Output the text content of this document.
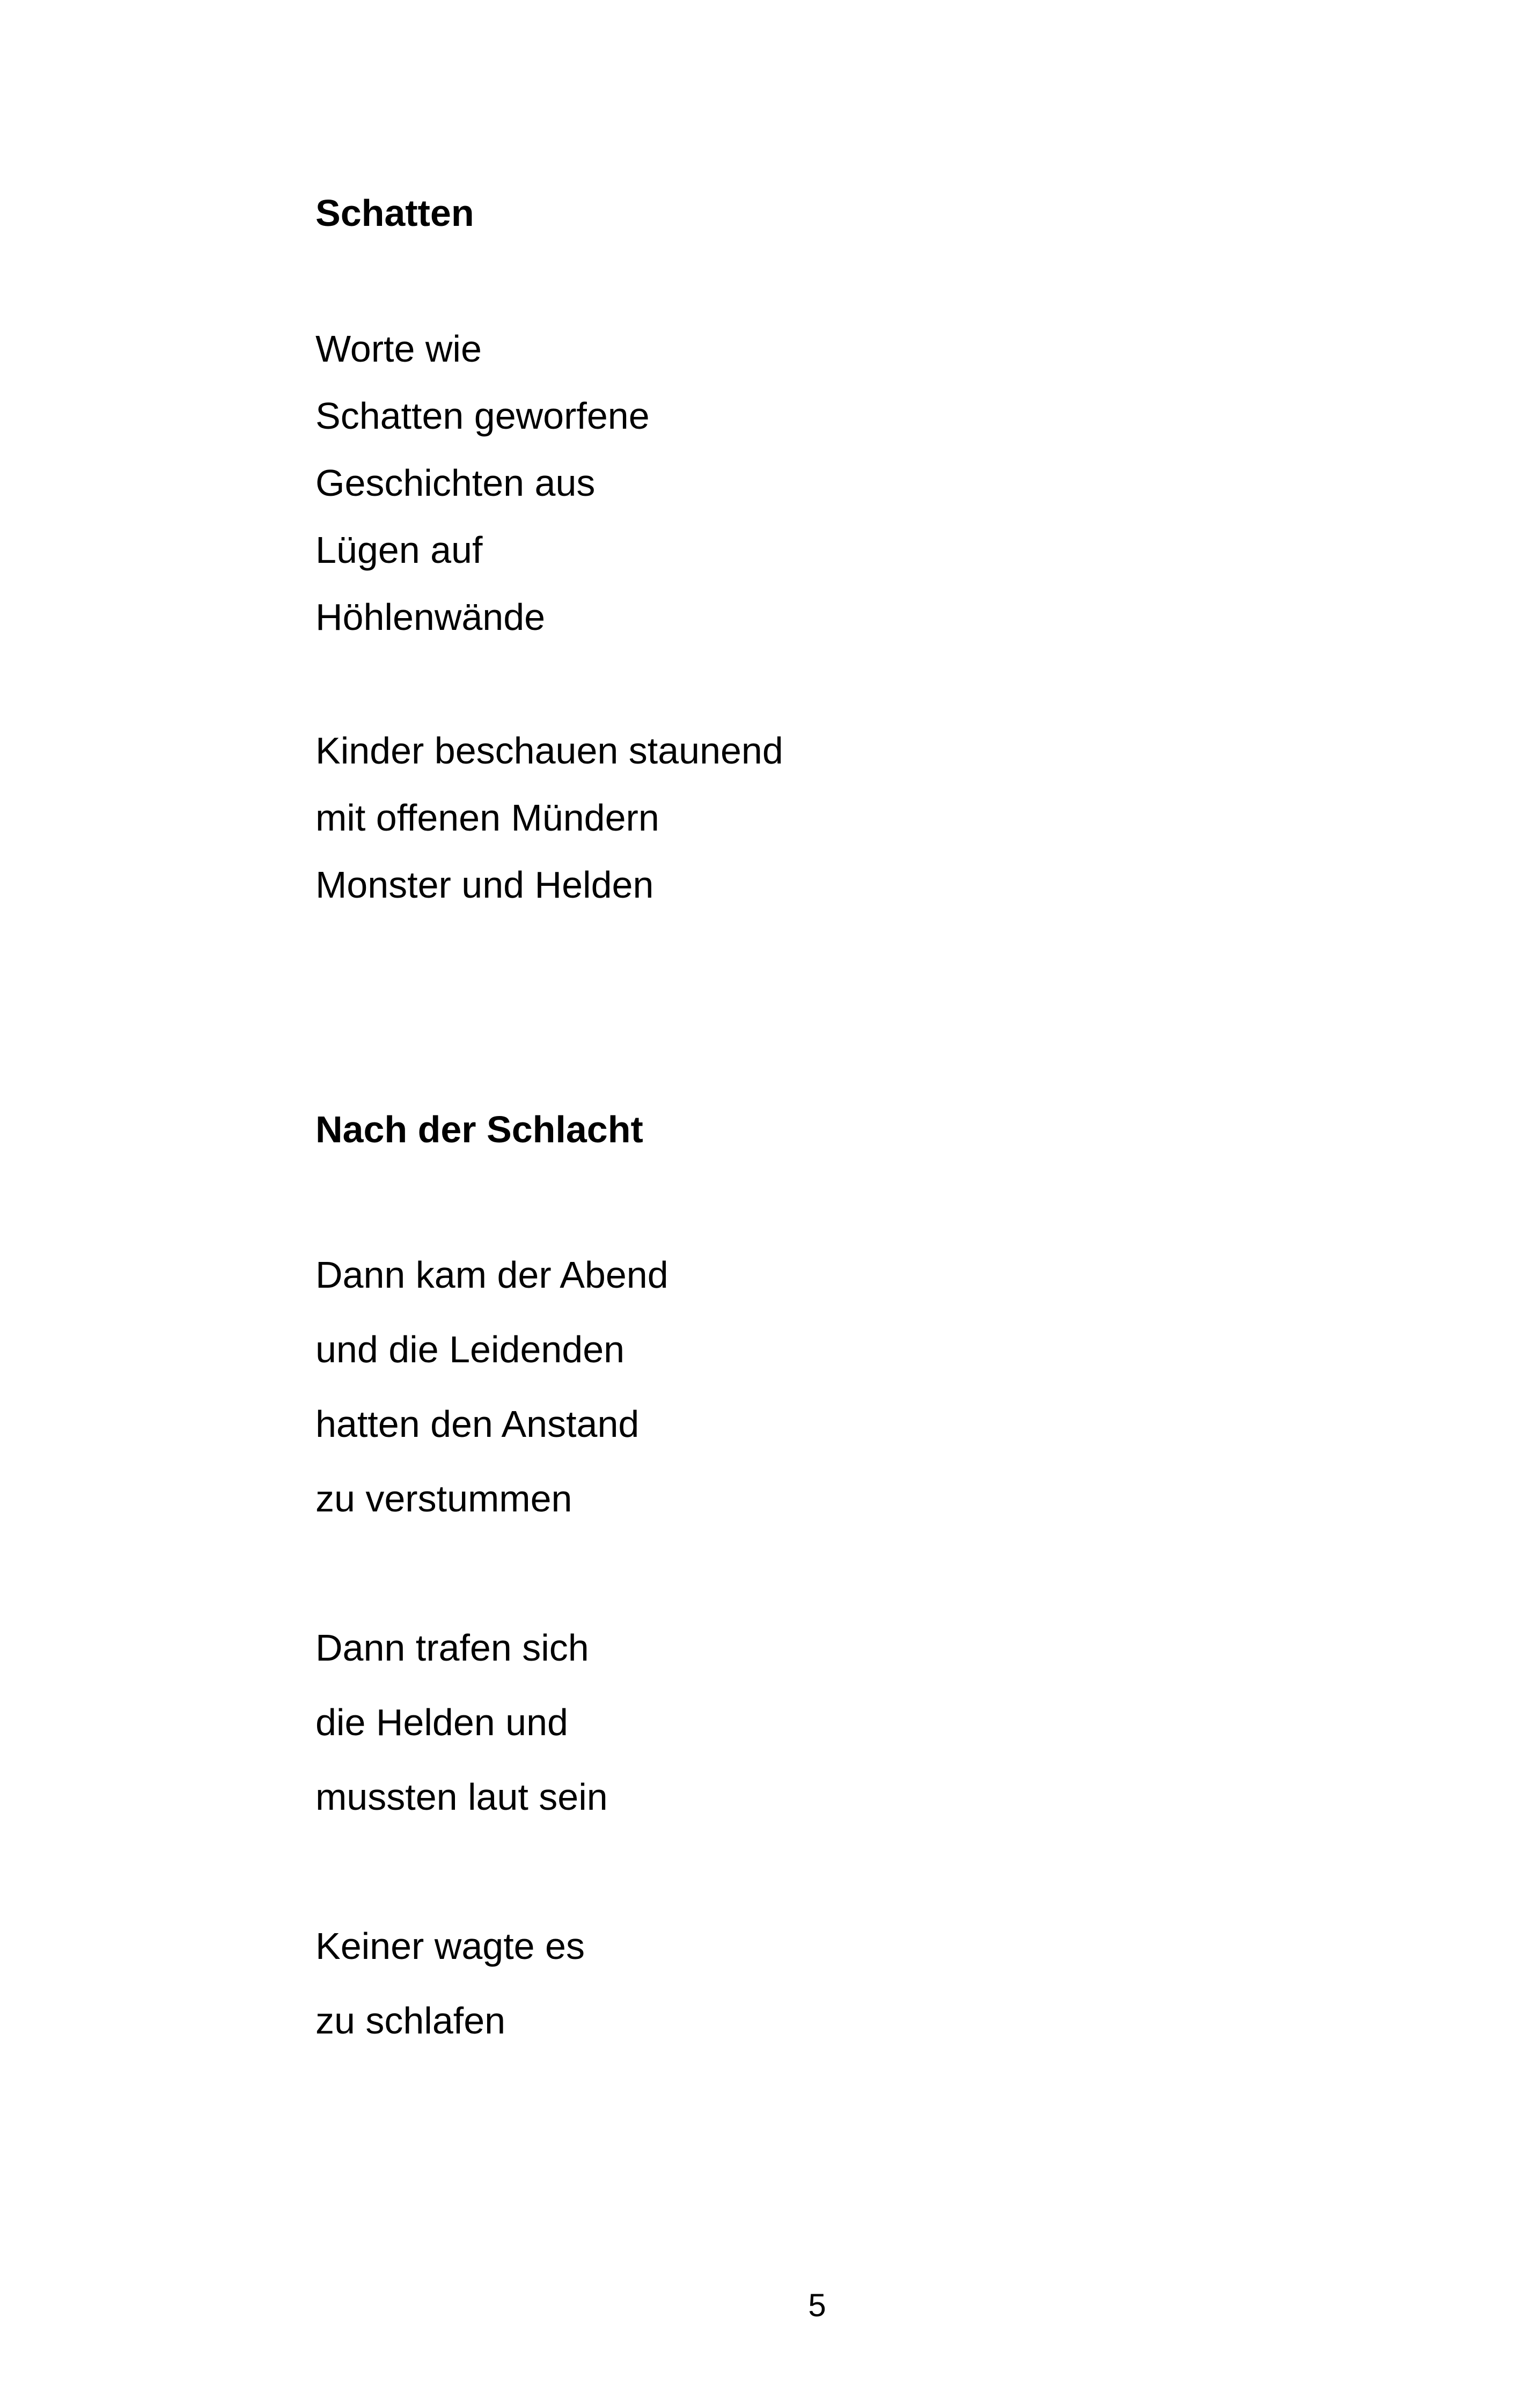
Schatten
Worte wie
Schatten geworfene
Geschichten aus
Lügen auf
Höhlenwände
Kinder beschauen staunend
mit offenen Mündern
Monster und Helden
Nach der Schlacht
Dann kam der Abend
und die Leidenden
hatten den Anstand
zu verstummen
Dann trafen sich
die Helden und
mussten laut sein
Keiner wagte es
zu schlafen
5
